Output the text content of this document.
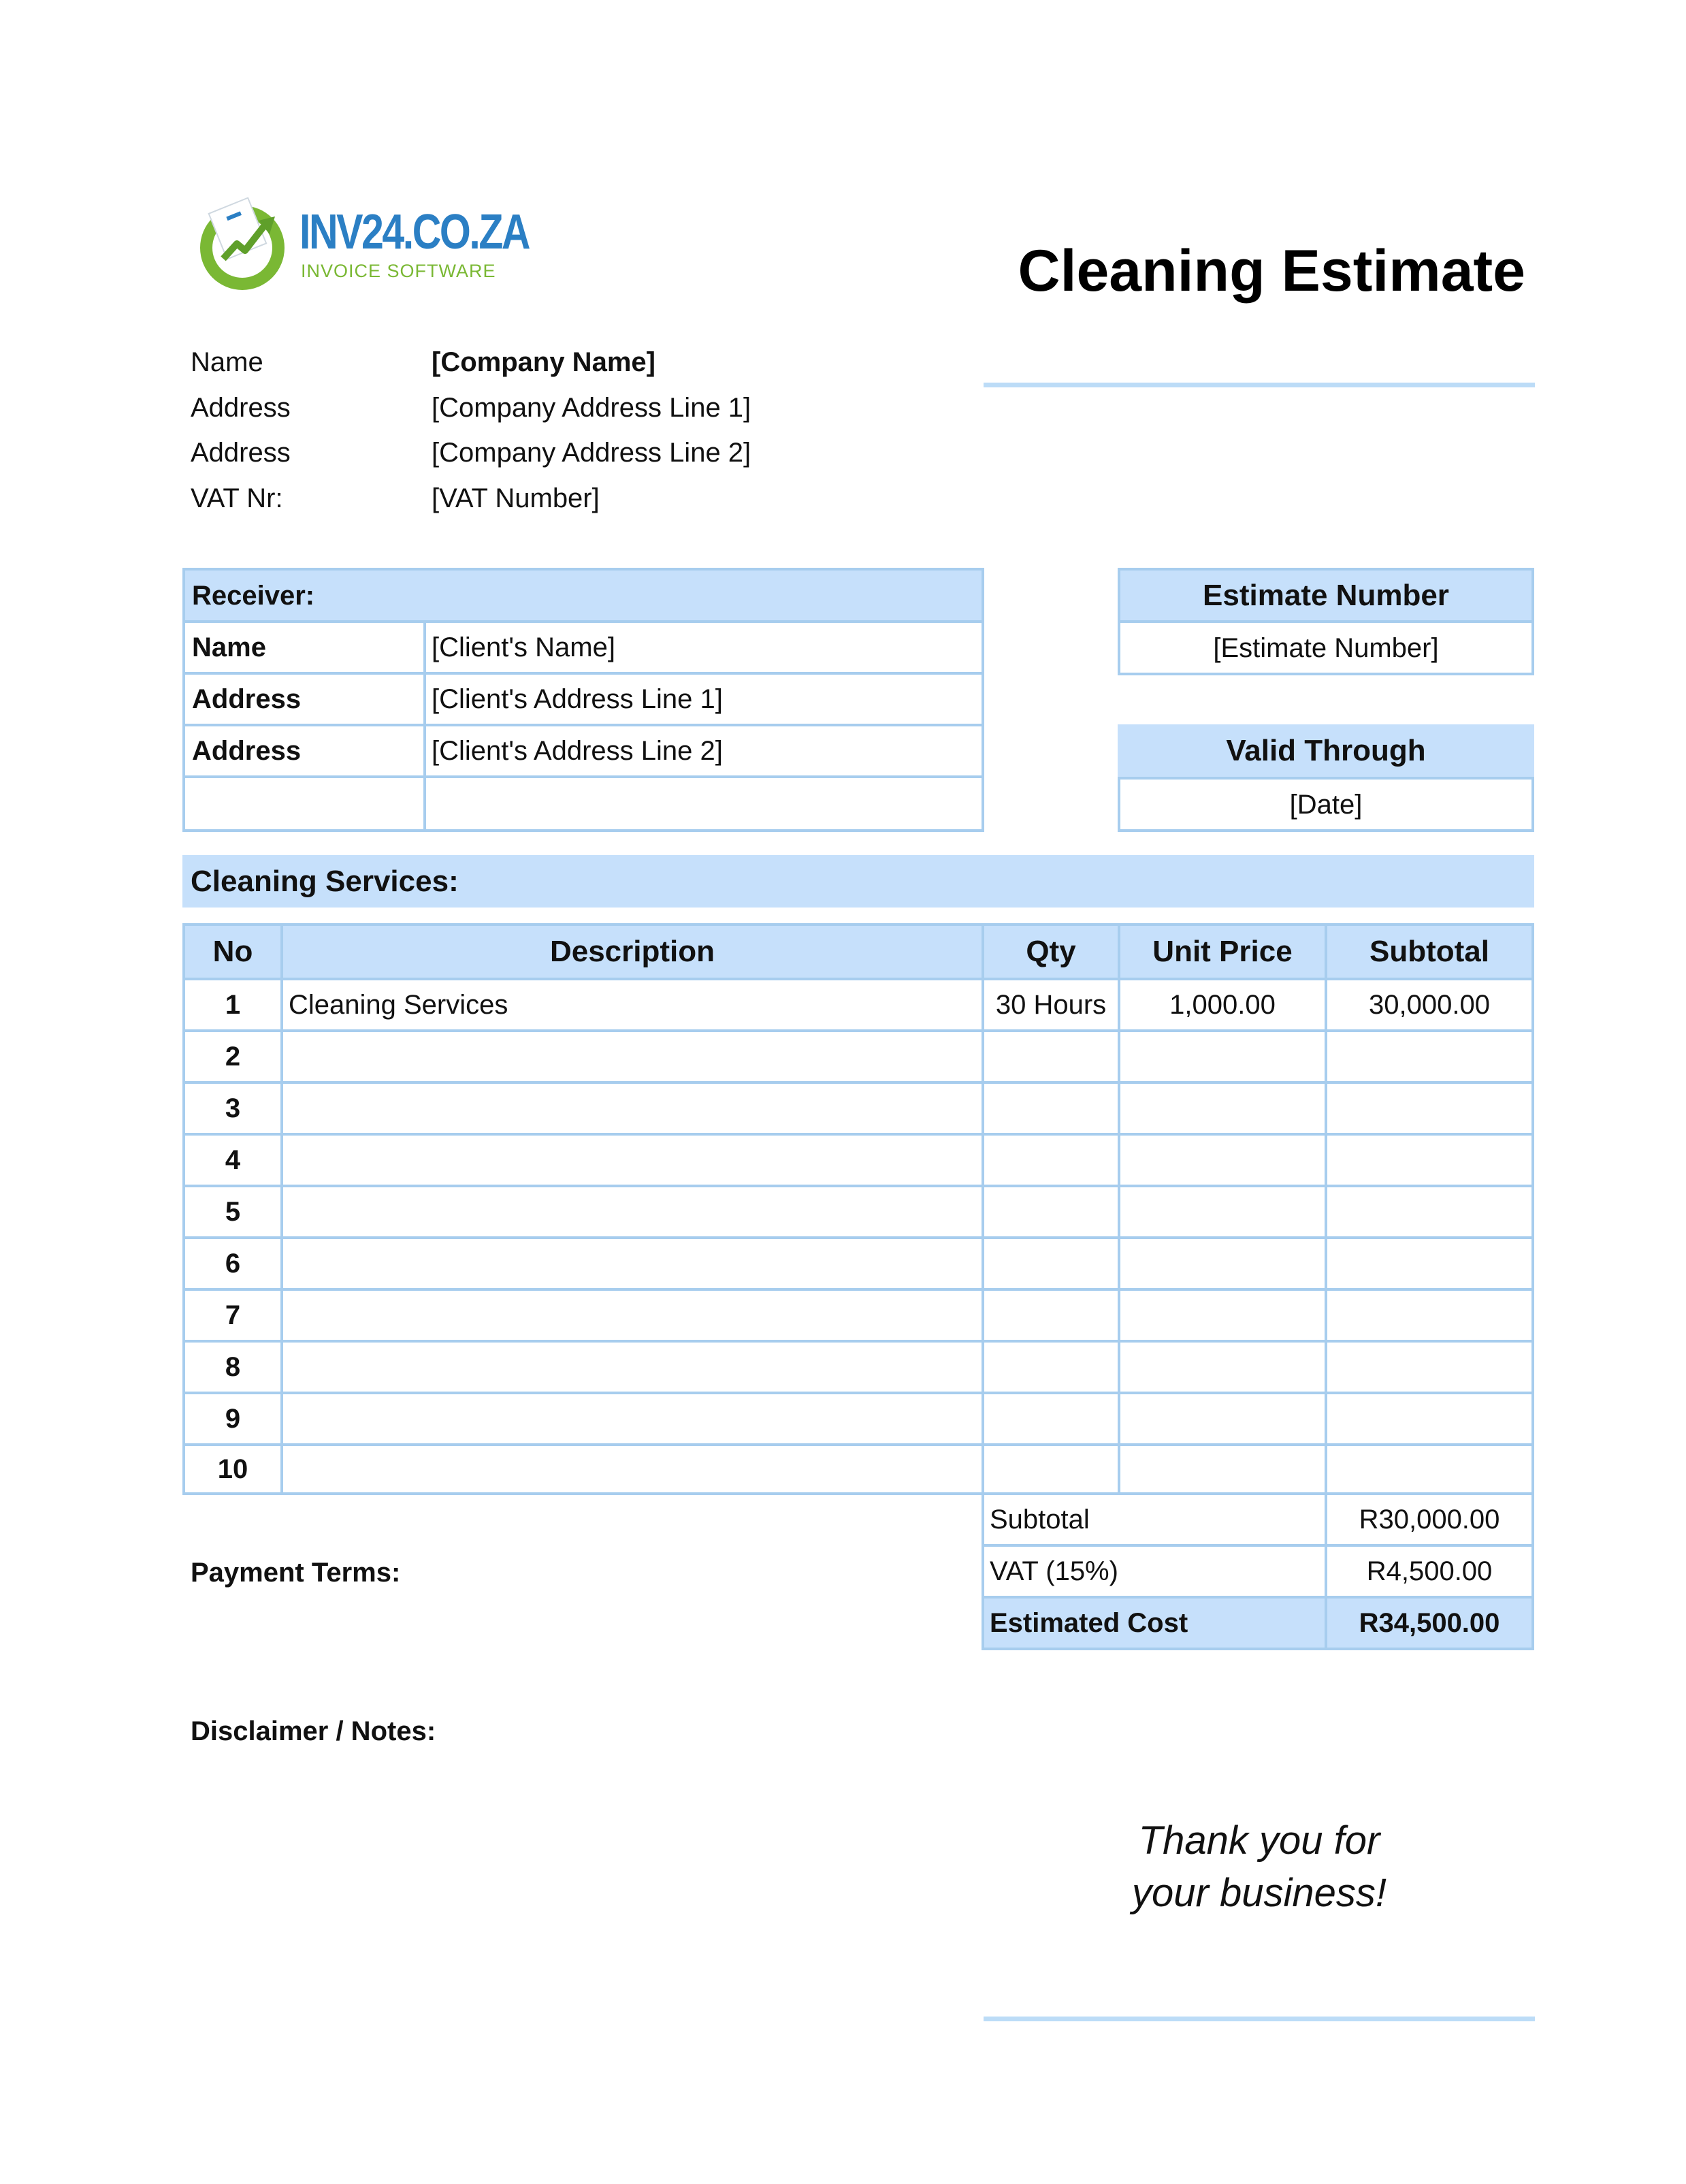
INV24.CO.ZA
INVOICE SOFTWARE	Cleaning Estimate
Name	[Company Name]
Address	[Company Address Line 1]
Address	[Company Address Line 2]
VAT Nr:	[VAT Number]
Receiver:
Name	[Client's Name]
Address	[Client's Address Line 1]
Address	[Client's Address Line 2]
Estimate Number
[Estimate Number]
Valid Through
[Date]
Cleaning Services:
No	Description	Qty	Unit Price	Subtotal
1	Cleaning Services	30 Hours	1,000.00	30,000.00
2
3
4
5
6
7
8
9
10
Subtotal	R30,000.00
VAT (15%)	R4,500.00
Estimated Cost	R34,500.00
Payment Terms:
Disclaimer / Notes:
Thank you for
your business!
